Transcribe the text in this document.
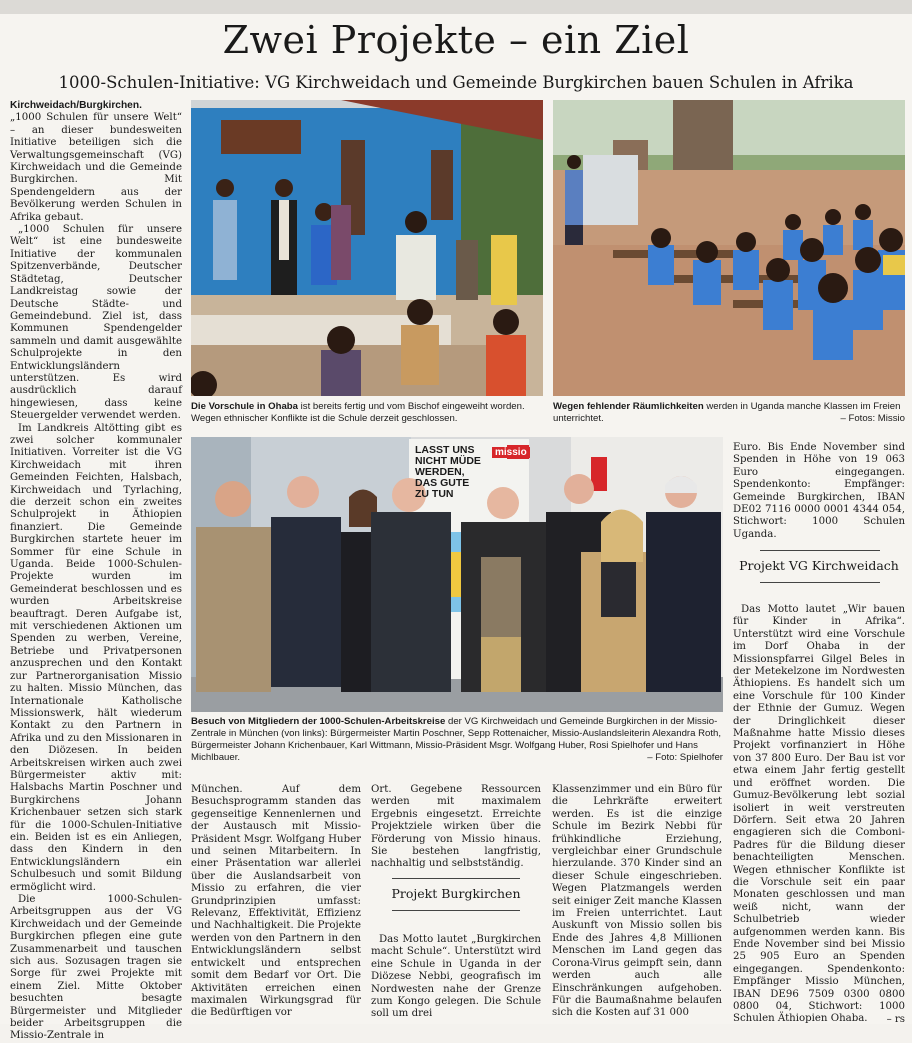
Zwei Projekte – ein Ziel
1000-Schulen-Initiative: VG Kirchweidach und Gemeinde Burgkirchen bauen Schulen in Afrika

Kirchweidach/Burgkirchen.

„1000 Schulen für unsere Welt“ – an dieser bundesweiten Initiative beteiligen sich die Verwaltungsgemeinschaft (VG) Kirchweidach und die Gemeinde Burgkirchen. Mit Spendengeldern aus der Bevölkerung werden Schulen in Afrika gebaut.

„1000 Schulen für unsere Welt“ ist eine bundesweite Initiative der kommunalen Spitzenverbände, Deutscher Städtetag, Deutscher Landkreistag sowie der Deutsche Städte- und Gemeindebund. Ziel ist, dass Kommunen Spendengelder sammeln und damit ausgewählte Schulprojekte in den Entwicklungsländern unterstützen. Es wird ausdrücklich darauf hingewiesen, dass keine Steuergelder verwendet werden.

Im Landkreis Altötting gibt es zwei solcher kommunaler Initiativen. Vorreiter ist die VG Kirchweidach mit ihren Gemeinden Feichten, Halsbach, Kirchweidach und Tyrlaching, die derzeit schon ein zweites Schulprojekt in Äthiopien finanziert. Die Gemeinde Burgkirchen startete heuer im Sommer für eine Schule in Uganda. Beide 1000-Schulen-Projekte wurden im Gemeinderat beschlossen und es wurden Arbeitskreise beauftragt. Deren Aufgabe ist, mit verschiedenen Aktionen um Spenden zu werben, Vereine, Betriebe und Privatpersonen anzusprechen und den Kontakt zur Partnerorganisation Missio zu halten. Missio München, das Internationale Katholische Missionswerk, hält wiederum Kontakt zu den Partnern in Afrika und zu den Missionaren in den Diözesen. In beiden Arbeitskreisen wirken auch zwei Bürgermeister aktiv mit: Halsbachs Martin Poschner und Burgkirchens Johann Krichenbauer setzen sich stark für die 1000-Schulen-Initiative ein. Beiden ist es ein Anliegen, dass den Kindern in den Entwicklungsländern ein Schulbesuch und somit Bildung ermöglicht wird.

Die 1000-Schulen-Arbeitsgruppen aus der VG Kirchweidach und der Gemeinde Burgkirchen pflegen eine gute Zusammenarbeit und tauschen sich aus. Sozusagen tragen sie Sorge für zwei Projekte mit einem Ziel. Mitte Oktober besuchten besagte Bürgermeister und Mitglieder beider Arbeitsgruppen die Missio-Zentrale in

Die Vorschule in Ohaba ist bereits fertig und vom Bischof eingeweiht worden. Wegen ethnischer Konflikte ist die Schule derzeit geschlossen.
Wegen fehlender Räumlichkeiten werden in Uganda manche Klassen im Freien unterrichtet.	– Fotos: Missio
LASST UNS
NICHT MÜDE
WERDEN,
DAS GUTE
ZU TUN
missio
Besuch von Mitgliedern der 1000-Schulen-Arbeitskreise der VG Kirchweidach und Gemeinde Burgkirchen in der Missio-Zentrale in München (von links): Bürgermeister Martin Poschner, Sepp Rottenaicher, Missio-Auslandsleiterin Alexandra Roth, Bürgermeister Johann Krichenbauer, Karl Wittmann, Missio-Präsident Msgr. Wolfgang Huber, Rosi Spielhofer und Hans Michlbauer.	– Foto: Spielhofer

München. Auf dem Besuchsprogramm standen das gegenseitige Kennenlernen und der Austausch mit Missio-Präsident Msgr. Wolfgang Huber und seinen Mitarbeitern. In einer Präsentation war allerlei über die Auslandsarbeit von Missio zu erfahren, die vier Grundprinzipien umfasst: Relevanz, Effektivität, Effizienz und Nachhaltigkeit. Die Projekte werden von den Partnern in den Entwicklungsländern selbst entwickelt und entsprechen somit dem Bedarf vor Ort. Die Aktivitäten erreichen einen maximalen Wirkungsgrad für die Bedürftigen vor

Ort. Gegebene Ressourcen werden mit maximalem Ergebnis eingesetzt. Erreichte Projektziele wirken über die Förderung von Missio hinaus. Sie bestehen langfristig, nachhaltig und selbstständig.

Projekt Burgkirchen

Das Motto lautet „Burgkirchen macht Schule“. Unterstützt wird eine Schule in Uganda in der Diözese Nebbi, geografisch im Nordwesten nahe der Grenze zum Kongo gelegen. Die Schule soll um drei

Klassenzimmer und ein Büro für die Lehrkräfte erweitert werden. Es ist die einzige Schule im Bezirk Nebbi für frühkindliche Erziehung, vergleichbar einer Grundschule hierzulande. 370 Kinder sind an dieser Schule eingeschrieben. Wegen Platzmangels werden seit einiger Zeit manche Klassen im Freien unterrichtet. Laut Auskunft von Missio sollen bis Ende des Jahres 4,8 Millionen Menschen im Land gegen das Corona-Virus geimpft sein, dann werden auch alle Einschränkungen aufgehoben. Für die Baumaßnahme belaufen sich die Kosten auf 31 000

Euro. Bis Ende November sind Spenden in Höhe von 19 063 Euro eingegangen. Spendenkonto: Empfänger: Gemeinde Burgkirchen, IBAN DE02 7116 0000 0001 4344 054, Stichwort: 1000 Schulen Uganda.

Projekt VG Kirchweidach

Das Motto lautet „Wir bauen für Kinder in Afrika“. Unterstützt wird eine Vorschule im Dorf Ohaba in der Missionspfarrei Gilgel Beles in der Metekelzone im Nordwesten Äthiopiens. Es handelt sich um eine Vorschule für 100 Kinder der Ethnie der Gumuz. Wegen der Dringlichkeit dieser Maßnahme hatte Missio dieses Projekt vorfinanziert in Höhe von 37 800 Euro. Der Bau ist vor etwa einem Jahr fertig gestellt und eröffnet worden. Die Gumuz-Bevölkerung lebt sozial isoliert in weit verstreuten Dörfern. Seit etwa 20 Jahren engagieren sich die Comboni-Padres für die Bildung dieser benachteiligten Menschen. Wegen ethnischer Konflikte ist die Vorschule seit ein paar Monaten geschlossen und man weiß nicht, wann der Schulbetrieb wieder aufgenommen werden kann. Bis Ende November sind bei Missio 25 905 Euro an Spenden eingegangen. Spendenkonto: Empfänger Missio München, IBAN DE96 7509 0300 0800 0800 04, Stichwort: 1000 Schulen Äthiopien Ohaba.	– rs
